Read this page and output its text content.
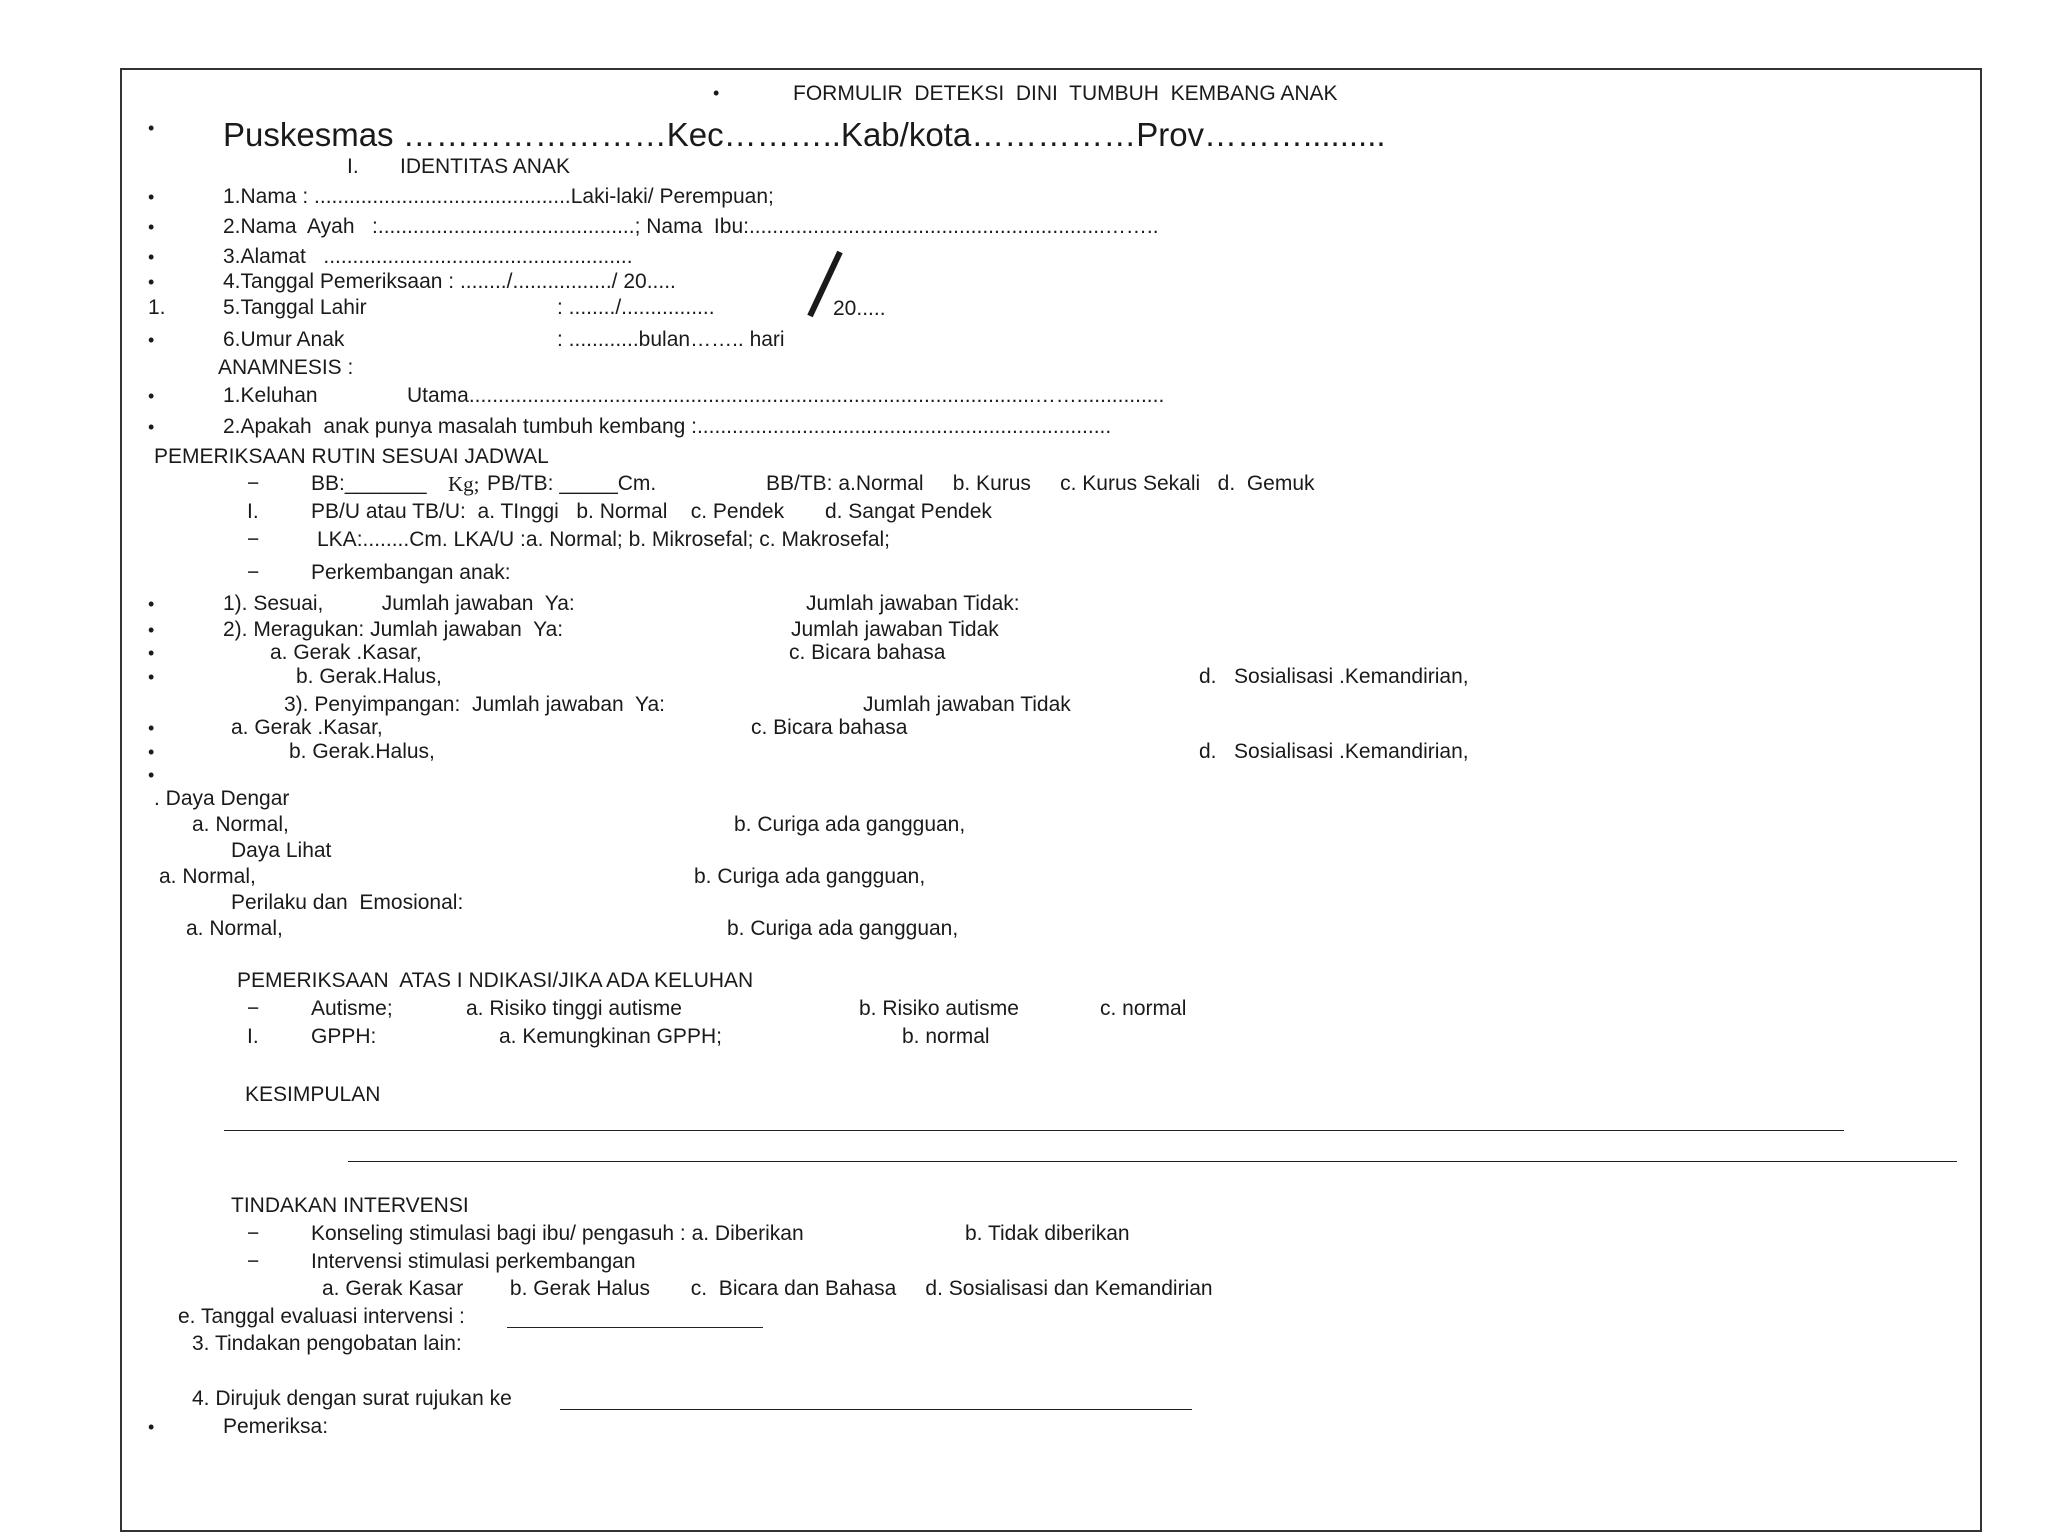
•	FORMULIR  DETEKSI  DINI  TUMBUH  KEMBANG ANAK
• Puskesmas ……………………Kec………..Kab/kota……………Prov……….........
I. IDENTITAS ANAK
•	1.Nama : ............................................Laki-laki/ Perempuan;
•	2.Nama  Ayah   :............................................; Nama  Ibu:.............................................................……..
•	3.Alamat   .....................................................
•	4.Tanggal Pemeriksaan : ......../................./ 20.....
1.	5.Tanggal Lahir	: ......../................	20.....
•	6.Umur Anak	: ............bulan…….. hari
ANAMNESIS :
•	1.Keluhan	Utama.................................................................................................……...............
•	2.Apakah  anak punya masalah tumbuh kembang :.......................................................................
PEMERIKSAAN RUTIN SESUAI JADWAL
− BB:_______ Kg; PB/TB: _____Cm.	BB/TB: a.Normal     b. Kurus     c. Kurus Sekali   d.  Gemuk
I. PB/U atau TB/U:  a. TInggi   b. Normal    c. Pendek       d. Sangat Pendek
−	LKA:........Cm. LKA/U :a. Normal; b. Mikrosefal; c. Makrosefal;
− Perkembangan anak:
•	1). Sesuai,          Jumlah jawaban  Ya:	Jumlah jawaban Tidak:
•	2). Meragukan: Jumlah jawaban  Ya:	Jumlah jawaban Tidak
•	a. Gerak .Kasar,	c. Bicara bahasa
•	b. Gerak.Halus,	d.   Sosialisasi .Kemandirian,
3). Penyimpangan:  Jumlah jawaban  Ya:	Jumlah jawaban Tidak
•	a. Gerak .Kasar,	c. Bicara bahasa
•	b. Gerak.Halus,	d.   Sosialisasi .Kemandirian,
•
. Daya Dengar
a. Normal,	b. Curiga ada gangguan,
Daya Lihat
a. Normal,	b. Curiga ada gangguan,
Perilaku dan  Emosional:
a. Normal,	b. Curiga ada gangguan,
PEMERIKSAAN  ATAS I NDIKASI/JIKA ADA KELUHAN
− Autisme;	a. Risiko tinggi autisme	b. Risiko autisme	c. normal
I. GPPH:	a. Kemungkinan GPPH;	b. normal
KESIMPULAN
TINDAKAN INTERVENSI
− Konseling stimulasi bagi ibu/ pengasuh : a. Diberikan	b. Tidak diberikan
− Intervensi stimulasi perkembangan
a. Gerak Kasar        b. Gerak Halus       c.  Bicara dan Bahasa     d. Sosialisasi dan Kemandirian
e. Tanggal evaluasi intervensi :
3. Tindakan pengobatan lain:
4. Dirujuk dengan surat rujukan ke
•	Pemeriksa:
